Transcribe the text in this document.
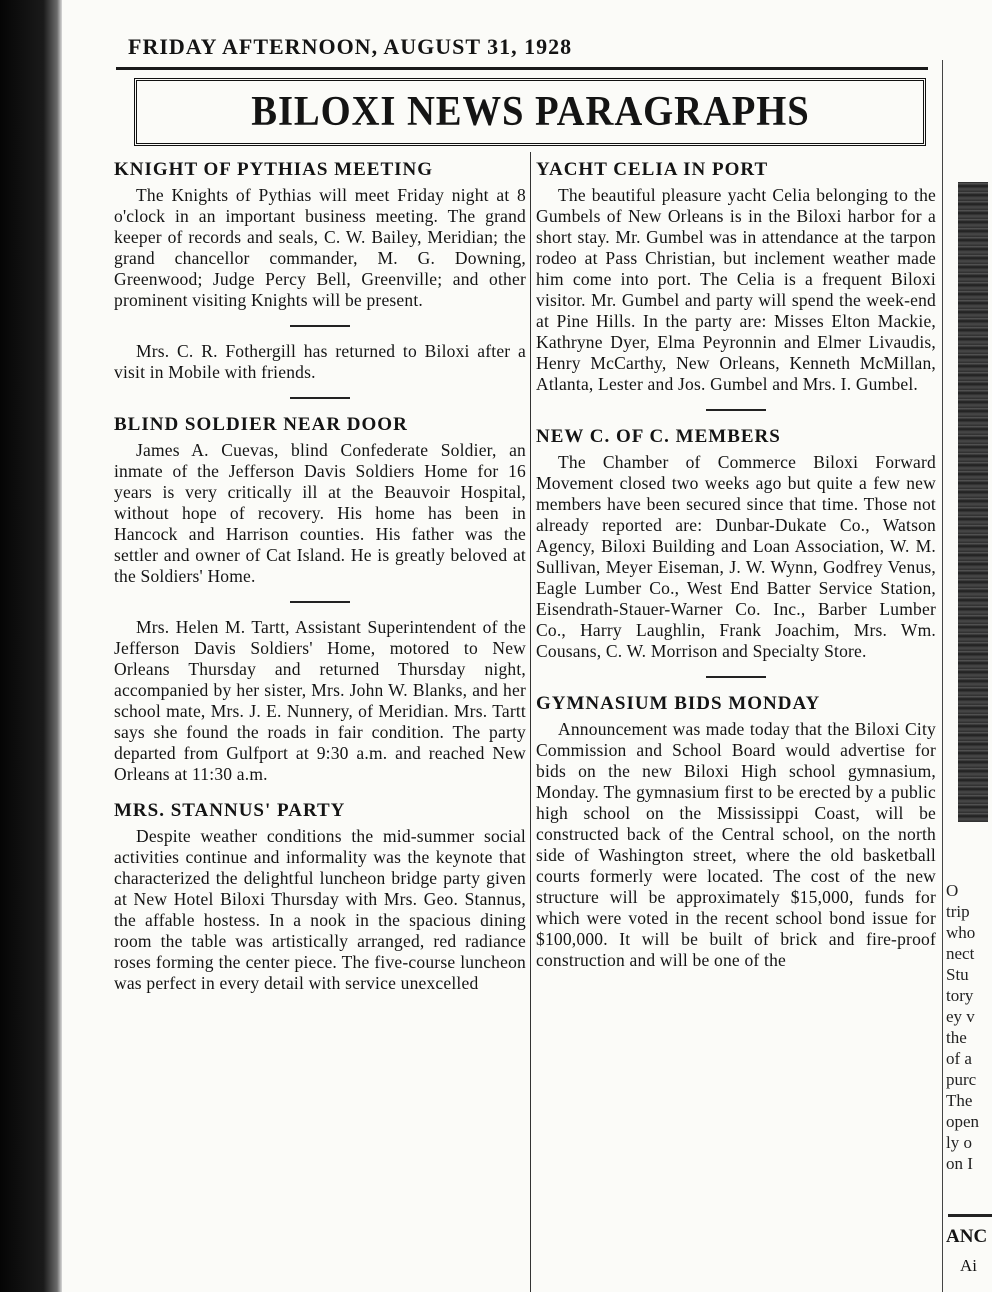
FRIDAY AFTERNOON, AUGUST 31, 1928
BILOXI NEWS PARAGRAPHS
KNIGHT OF PYTHIAS MEETING

The Knights of Pythias will meet Friday night at 8 o'clock in an important business meeting. The grand keeper of records and seals, C. W. Bailey, Meridian; the grand chancellor commander, M. G. Downing, Greenwood; Judge Percy Bell, Greenville; and other prominent visiting Knights will be present.

Mrs. C. R. Fothergill has returned to Biloxi after a visit in Mobile with friends.

BLIND SOLDIER NEAR DOOR

James A. Cuevas, blind Confederate Soldier, an inmate of the Jefferson Davis Soldiers Home for 16 years is very critically ill at the Beauvoir Hospital, without hope of recovery. His home has been in Hancock and Harrison counties. His father was the settler and owner of Cat Island. He is greatly beloved at the Soldiers' Home.

Mrs. Helen M. Tartt, Assistant Superintendent of the Jefferson Davis Soldiers' Home, motored to New Orleans Thursday and returned Thursday night, accompanied by her sister, Mrs. John W. Blanks, and her school mate, Mrs. J. E. Nunnery, of Meridian. Mrs. Tartt says she found the roads in fair condition. The party departed from Gulfport at 9:30 a.m. and reached New Orleans at 11:30 a.m.

MRS. STANNUS' PARTY

Despite weather conditions the mid-summer social activities continue and informality was the keynote that characterized the delightful luncheon bridge party given at New Hotel Biloxi Thursday with Mrs. Geo. Stannus, the affable hostess. In a nook in the spacious dining room the table was artistically arranged, red radiance roses forming the center piece. The five-course luncheon was perfect in every detail with service unexcelled

YACHT CELIA IN PORT

The beautiful pleasure yacht Celia belonging to the Gumbels of New Orleans is in the Biloxi harbor for a short stay. Mr. Gumbel was in attendance at the tarpon rodeo at Pass Christian, but inclement weather made him come into port. The Celia is a frequent Biloxi visitor. Mr. Gumbel and party will spend the week-end at Pine Hills. In the party are: Misses Elton Mackie, Kathryne Dyer, Elma Peyronnin and Elmer Livaudis, Henry McCarthy, New Orleans, Kenneth McMillan, Atlanta, Lester and Jos. Gumbel and Mrs. I. Gumbel.

NEW C. OF C. MEMBERS

The Chamber of Commerce Biloxi Forward Movement closed two weeks ago but quite a few new members have been secured since that time. Those not already reported are: Dunbar-Dukate Co., Watson Agency, Biloxi Building and Loan Association, W. M. Sullivan, Meyer Eiseman, J. W. Wynn, Godfrey Venus, Eagle Lumber Co., West End Batter Service Station, Eisendrath-Stauer-Warner Co. Inc., Barber Lumber Co., Harry Laughlin, Frank Joachim, Mrs. Wm. Cousans, C. W. Morrison and Specialty Store.

GYMNASIUM BIDS MONDAY

Announcement was made today that the Biloxi City Commission and School Board would advertise for bids on the new Biloxi High school gymnasium, Monday. The gymnasium first to be erected by a public high school on the Mississippi Coast, will be constructed back of the Central school, on the north side of Washington street, where the old basketball courts formerly were located. The cost of the new structure will be approximately $15,000, funds for which were voted in the recent school bond issue for $100,000. It will be built of brick and fire-proof construction and will be one of the

O
trip
who
nect
Stu
tory
ey v
the
of a
purc
The
open
ly o
on I
ANC
Ai
